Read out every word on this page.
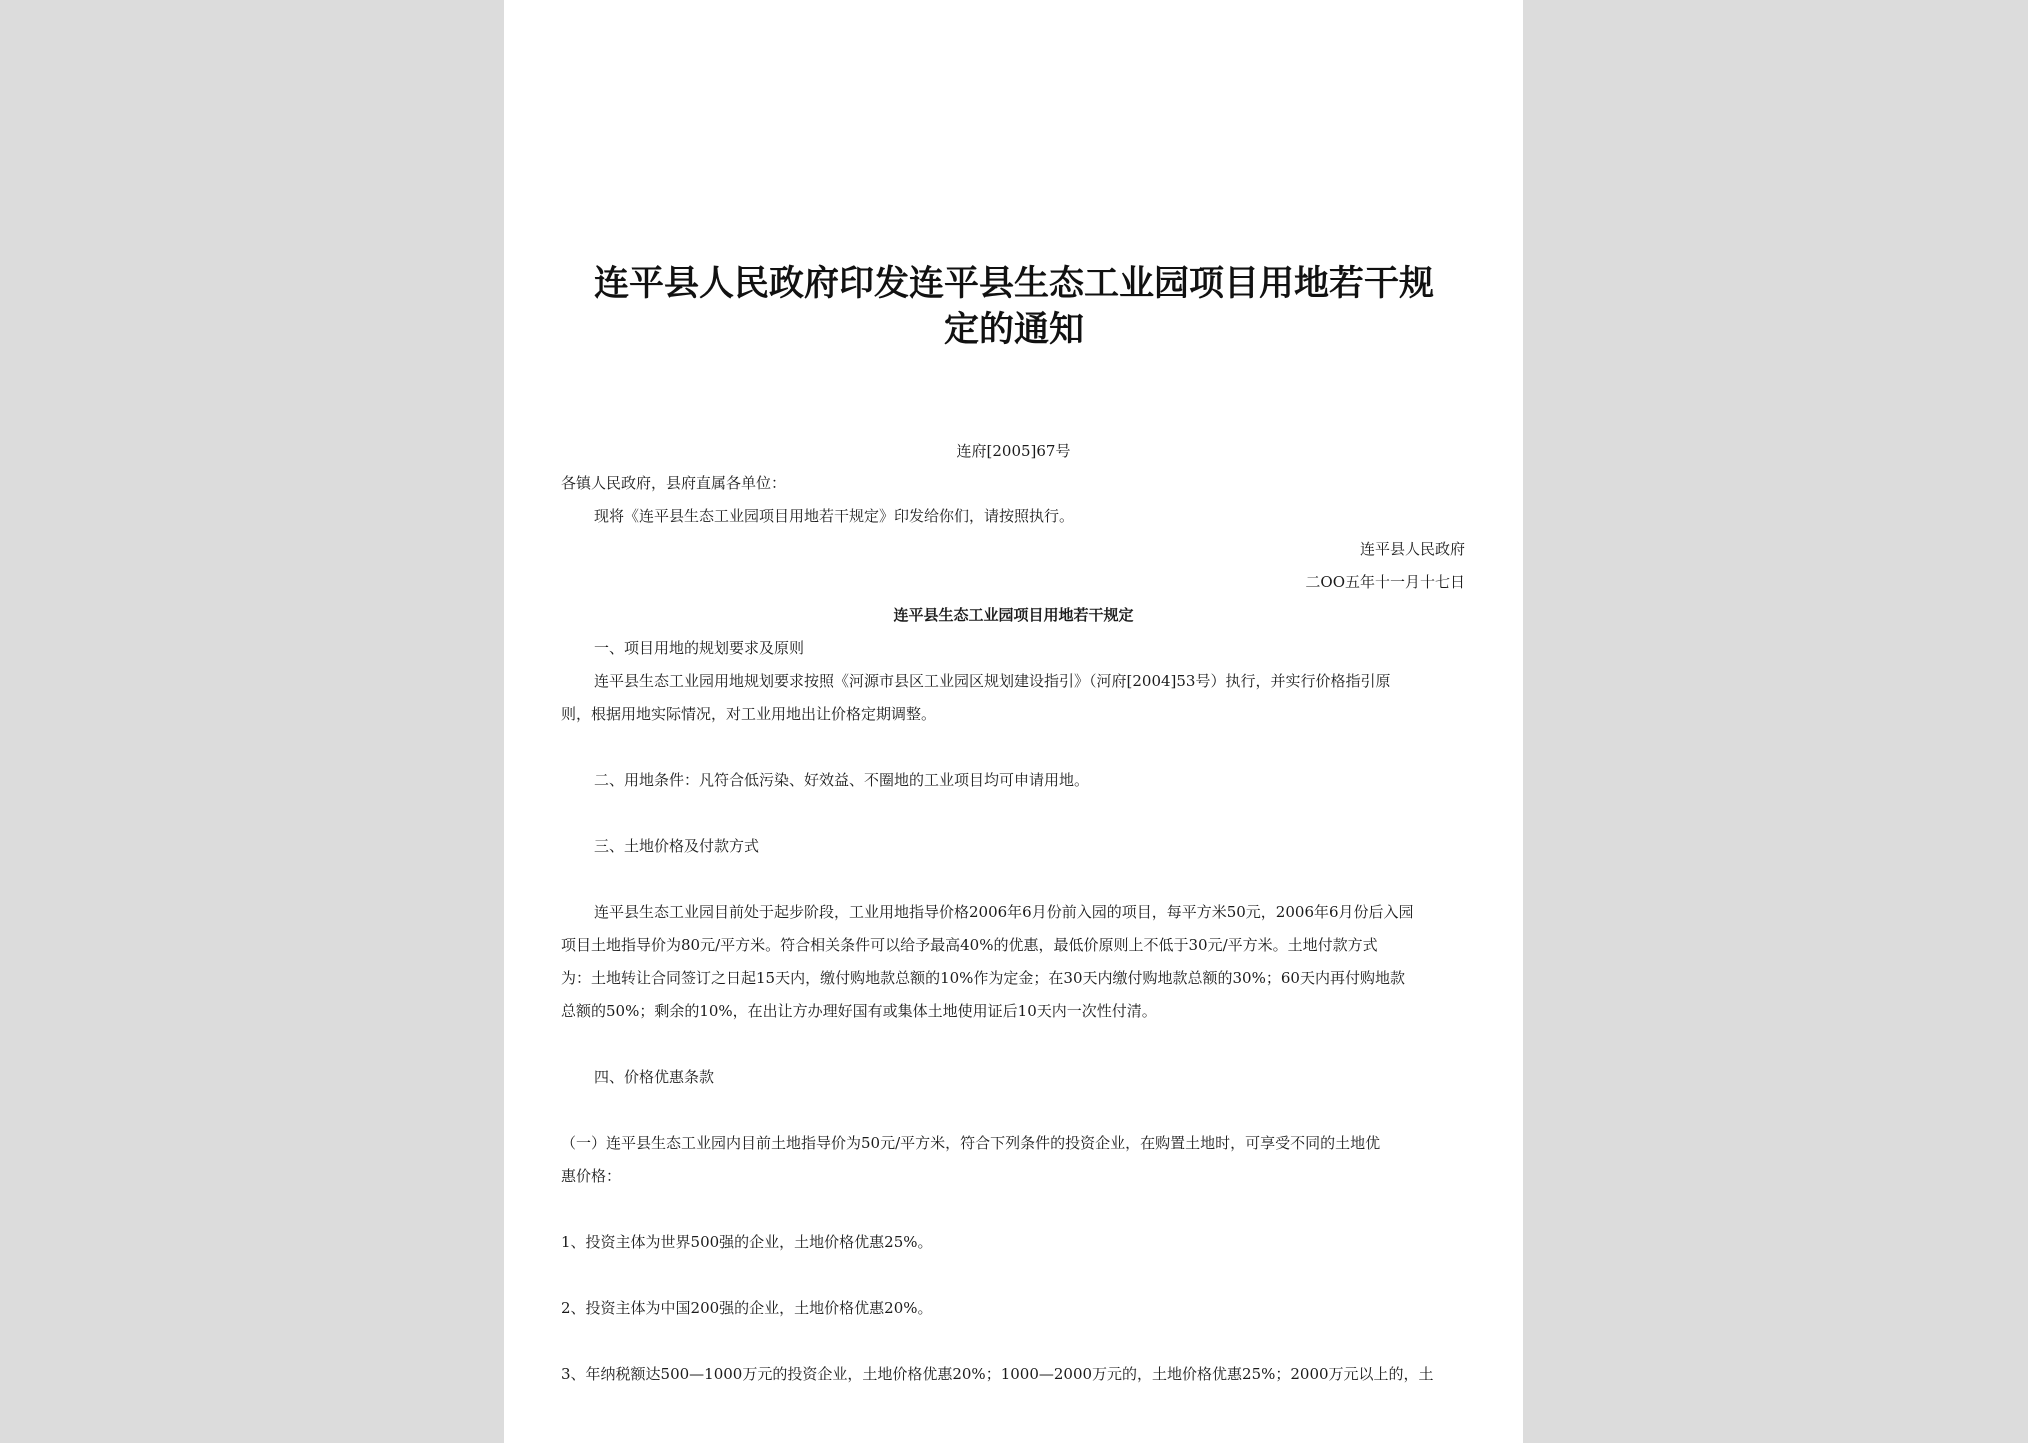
连平县人民政府印发连平县生态工业园项目用地若干规
定的通知
连府[2005]67号
各镇人民政府，县府直属各单位：
现将《连平县生态工业园项目用地若干规定》印发给你们，请按照执行。
连平县人民政府
二OO五年十一月十七日
连平县生态工业园项目用地若干规定
一、项目用地的规划要求及原则
连平县生态工业园用地规划要求按照《河源市县区工业园区规划建设指引》（河府[2004]53号）执行，并实行价格指引原
则，根据用地实际情况，对工业用地出让价格定期调整。
二、用地条件：凡符合低污染、好效益、不圈地的工业项目均可申请用地。
三、土地价格及付款方式
连平县生态工业园目前处于起步阶段，工业用地指导价格2006年6月份前入园的项目，每平方米50元，2006年6月份后入园
项目土地指导价为80元/平方米。符合相关条件可以给予最高40%的优惠，最低价原则上不低于30元/平方米。土地付款方式
为：土地转让合同签订之日起15天内，缴付购地款总额的10%作为定金；在30天内缴付购地款总额的30%；60天内再付购地款
总额的50%；剩余的10%，在出让方办理好国有或集体土地使用证后10天内一次性付清。
四、价格优惠条款
（一）连平县生态工业园内目前土地指导价为50元/平方米，符合下列条件的投资企业，在购置土地时，可享受不同的土地优
惠价格：
1、投资主体为世界500强的企业，土地价格优惠25%。
2、投资主体为中国200强的企业，土地价格优惠20%。
3、年纳税额达500—1000万元的投资企业，土地价格优惠20%；1000—2000万元的，土地价格优惠25%；2000万元以上的，土
